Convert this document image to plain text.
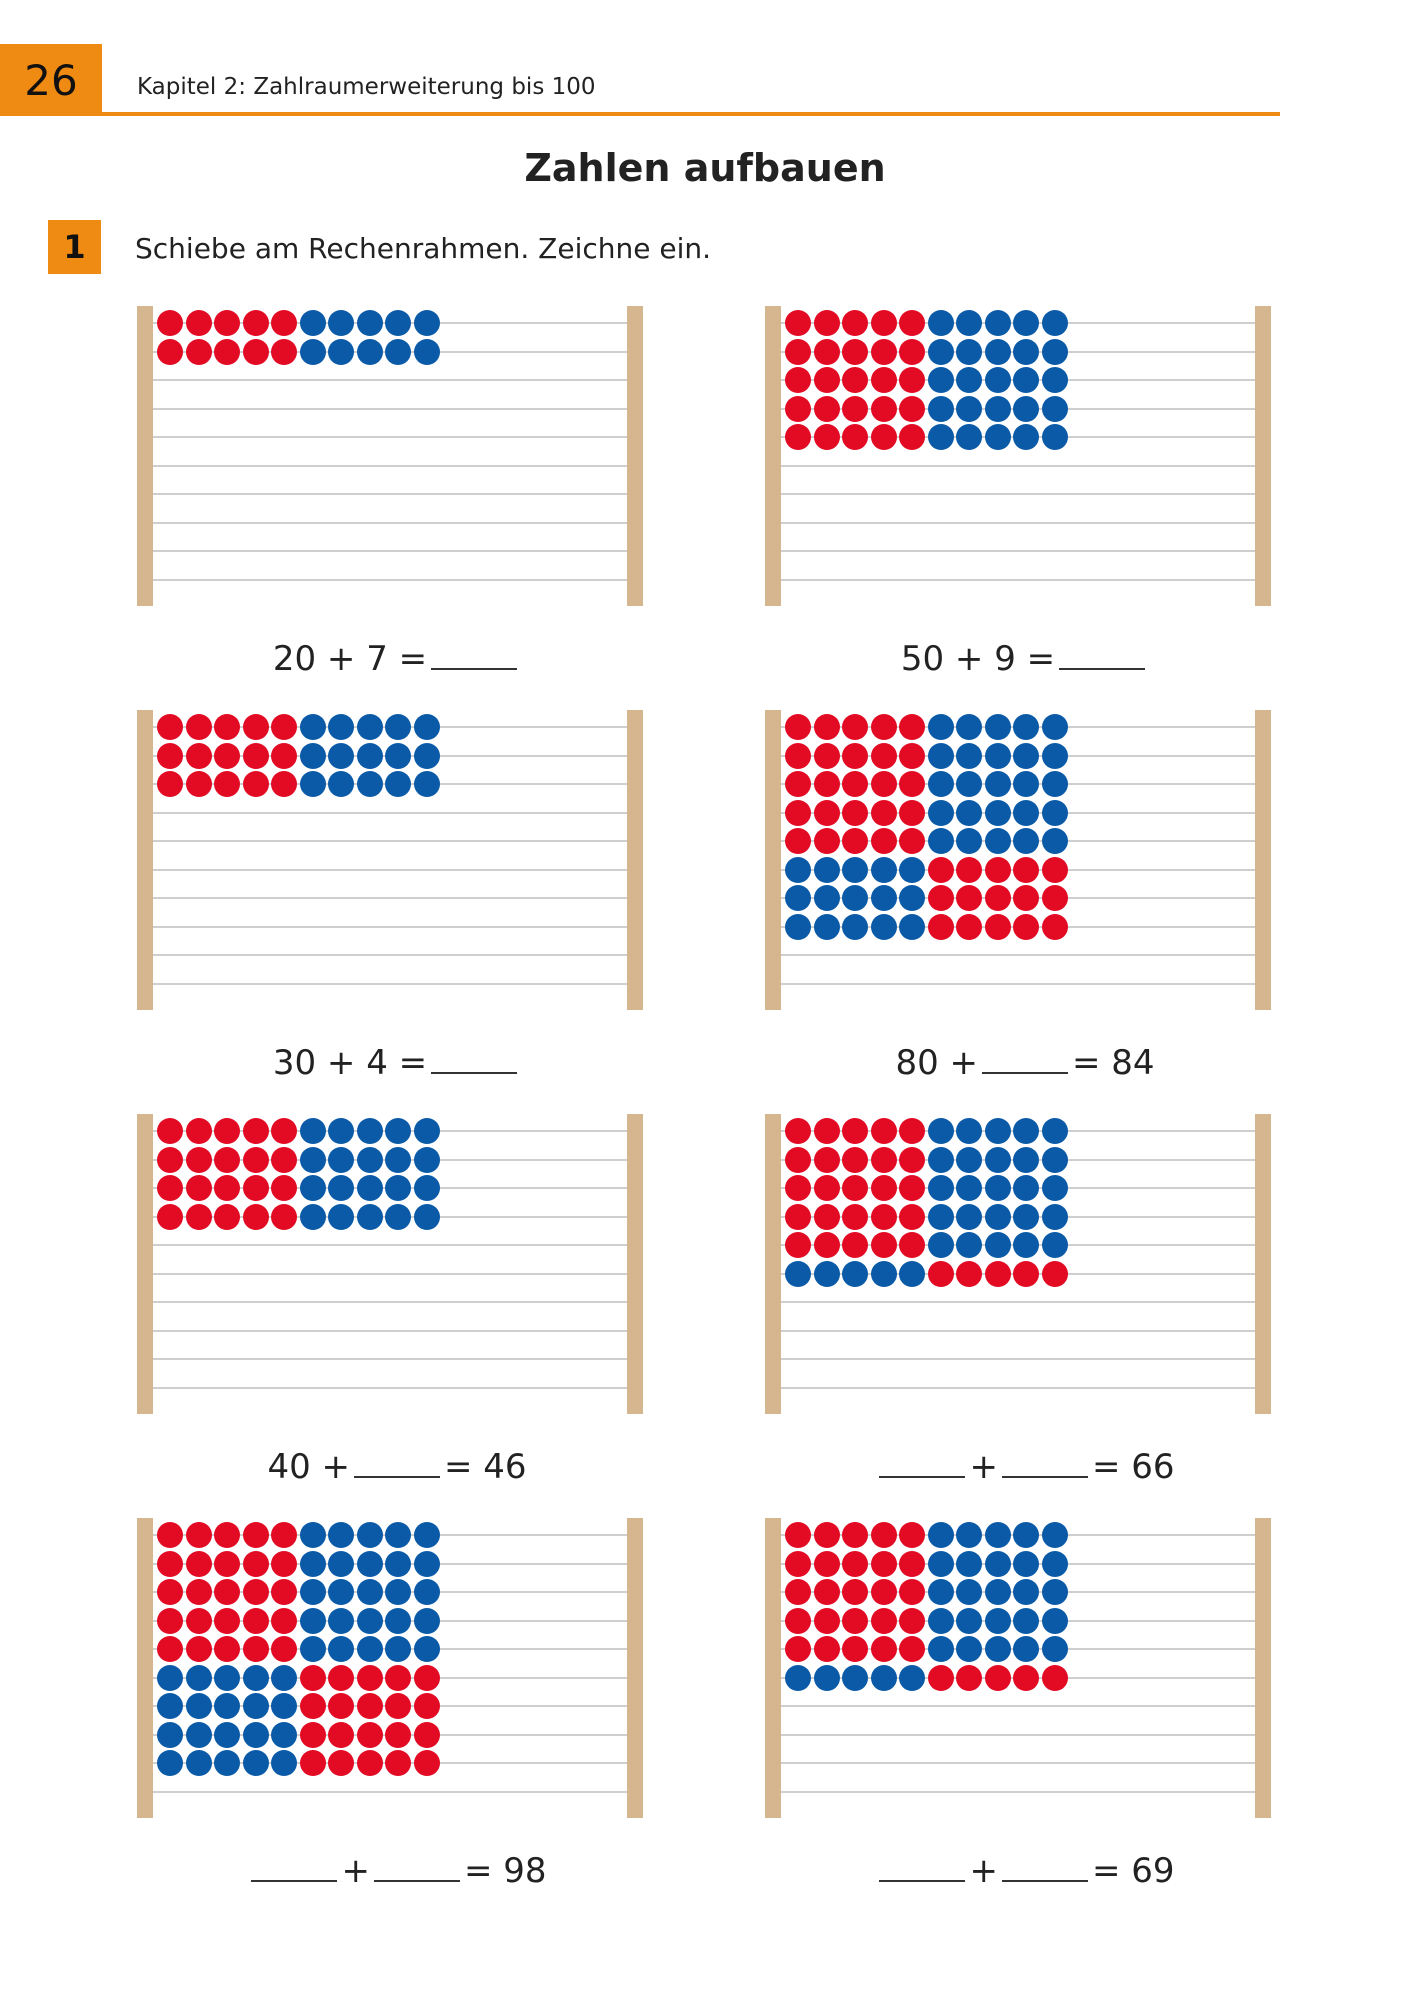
26	Kapitel 2: Zahlraumerweiterung bis 100
Zahlen aufbauen
1	Schiebe am Rechenrahmen. Zeichne ein.
20 + 7 =	50 + 9 =
30 + 4 =	80 +	= 84
40 +	= 46	+	= 66
+	= 98	+	= 69
